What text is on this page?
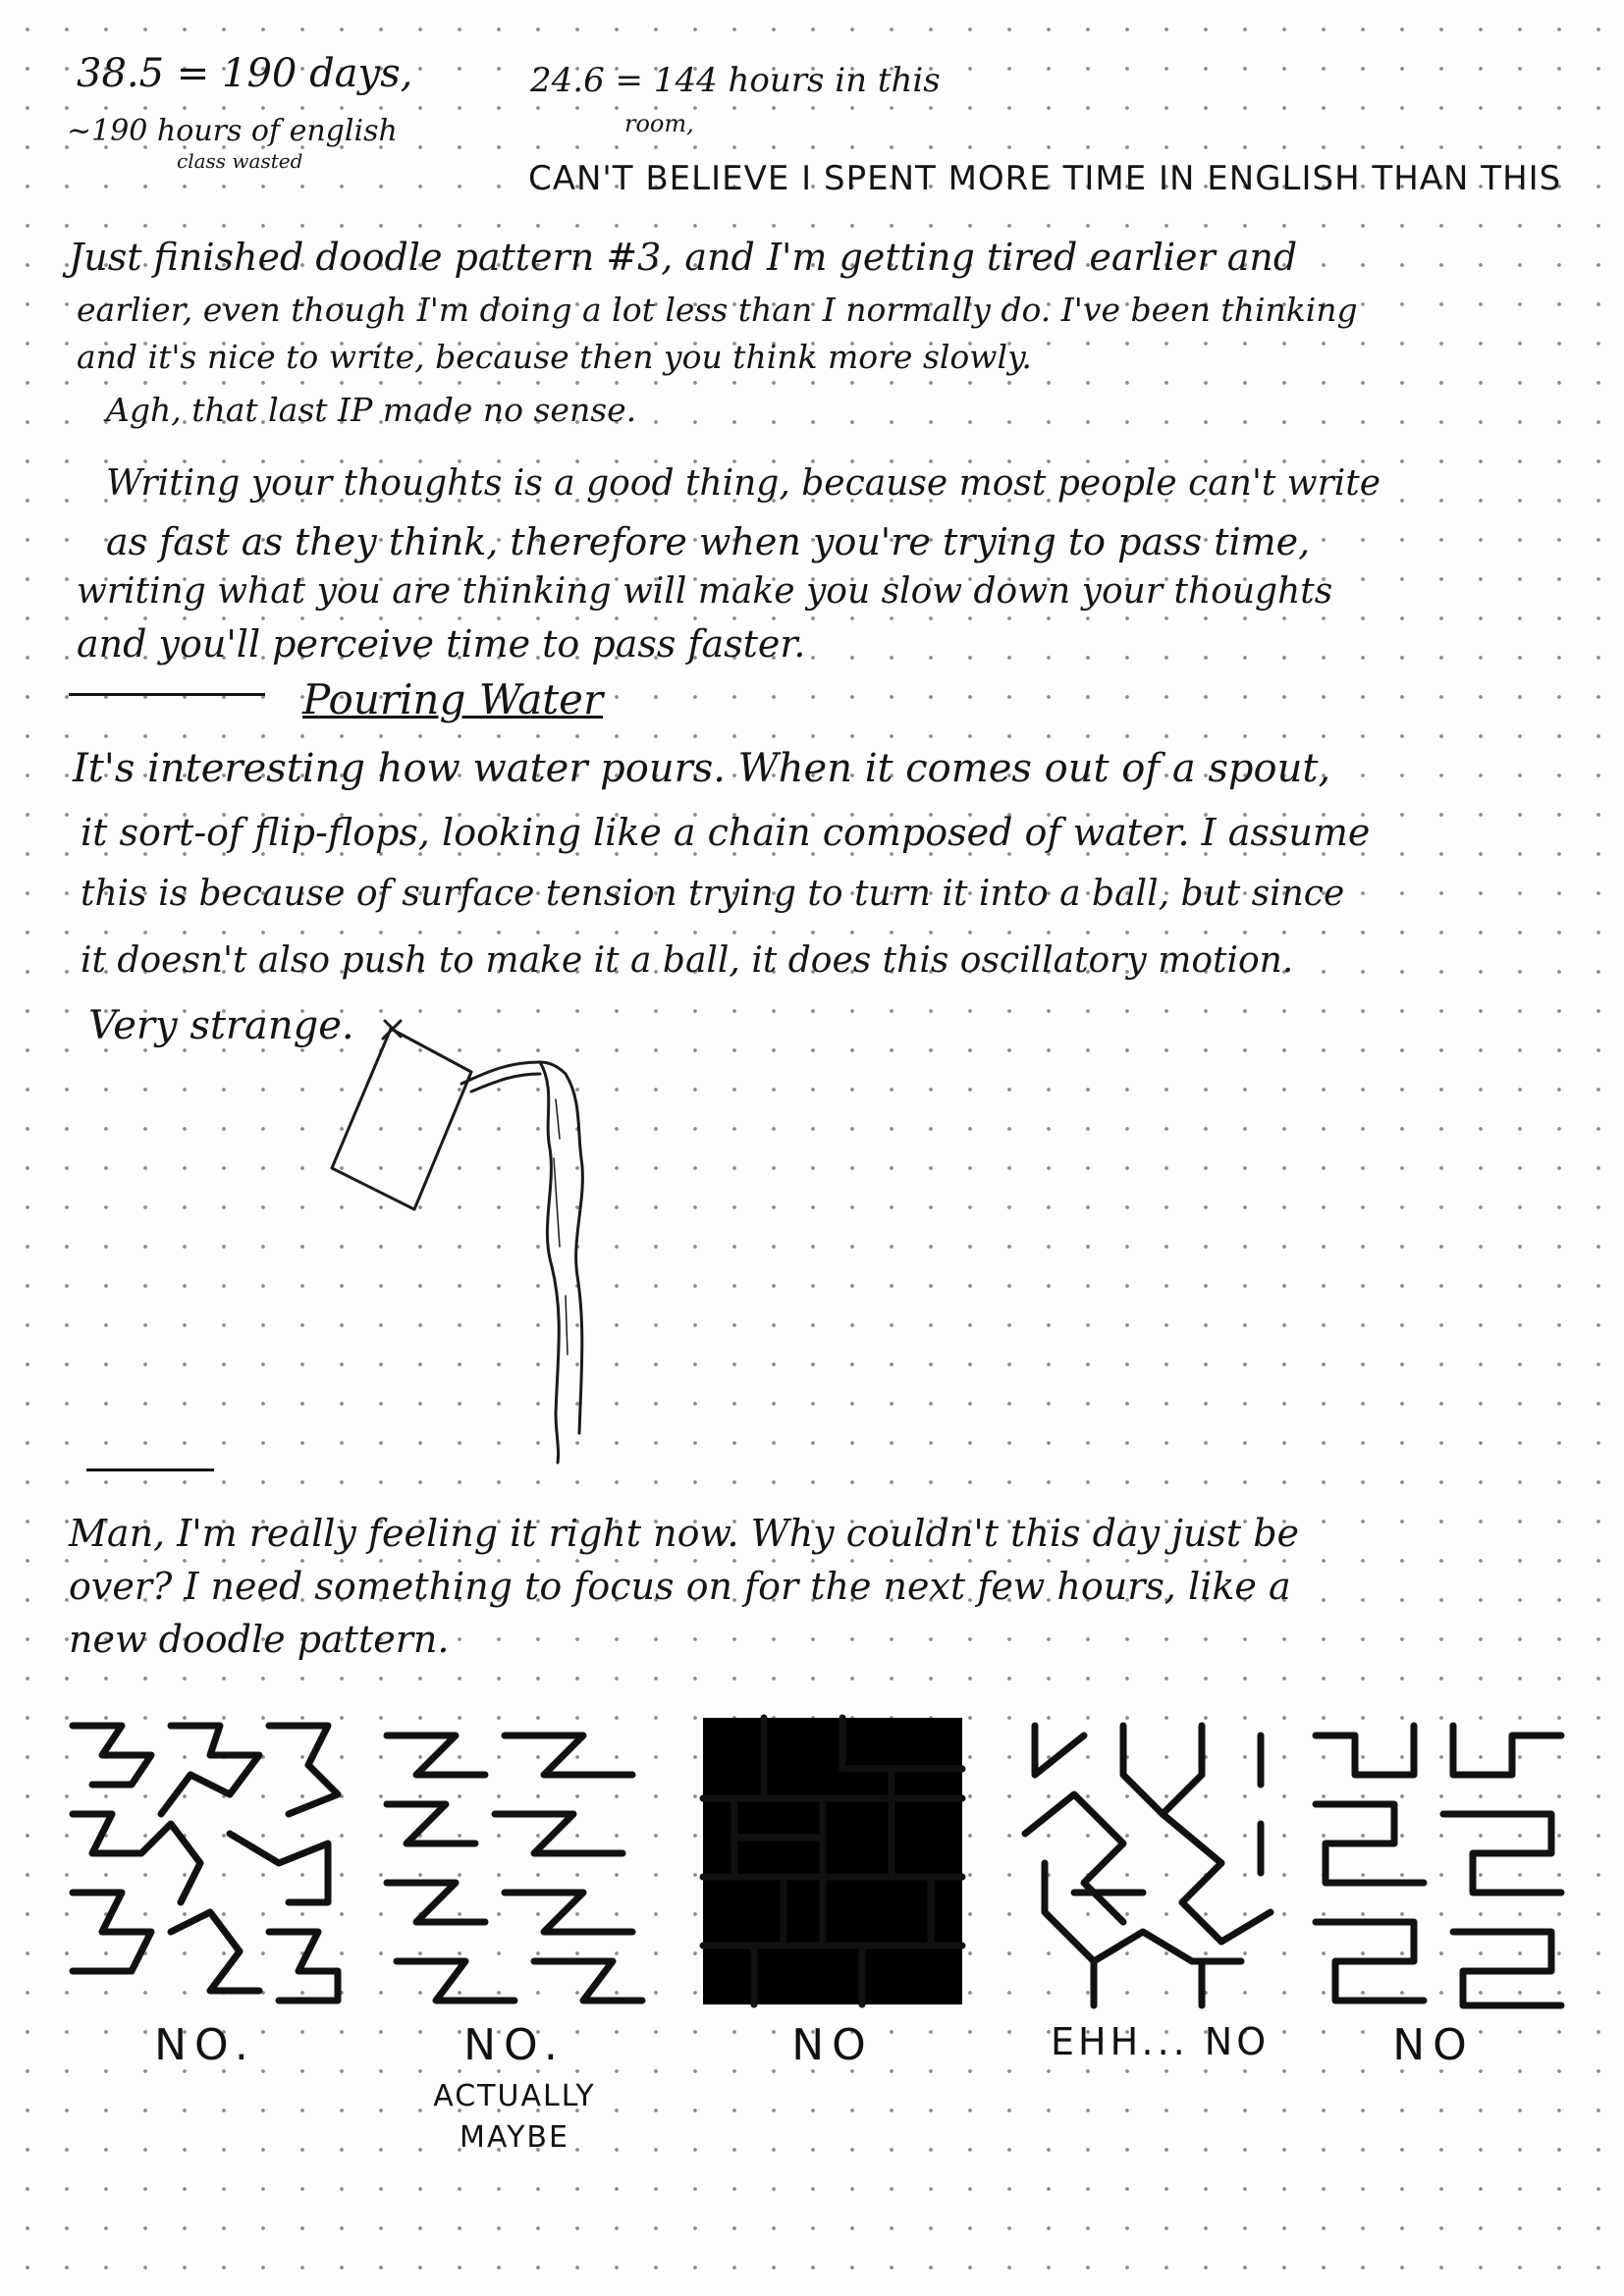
38.5 = 190 days,
~190 hours of english
class wasted
24.6 = 144 hours in this
room,
CAN'T BELIEVE I SPENT MORE TIME IN ENGLISH THAN THIS
Just finished doodle pattern #3, and I'm getting tired earlier and
earlier, even though I'm doing a lot less than I normally do. I've been thinking
and it's nice to write, because then you think more slowly.
Agh, that last IP made no sense.
Writing your thoughts is a good thing, because most people can't write
as fast as they think, therefore when you're trying to pass time,
writing what you are thinking will make you slow down your thoughts
and you'll perceive time to pass faster.
Pouring Water
It's interesting how water pours. When it comes out of a spout,
it sort-of flip-flops, looking like a chain composed of water. I assume
this is because of surface tension trying to turn it into a ball, but since
it doesn't also push to make it a ball, it does this oscillatory motion.
Very strange.
Man, I'm really feeling it right now. Why couldn't this day just be
over? I need something to focus on for the next few hours, like a
new doodle pattern.
NO.	NO.
ACTUALLY
MAYBE
NO	EHH... NO	NO
